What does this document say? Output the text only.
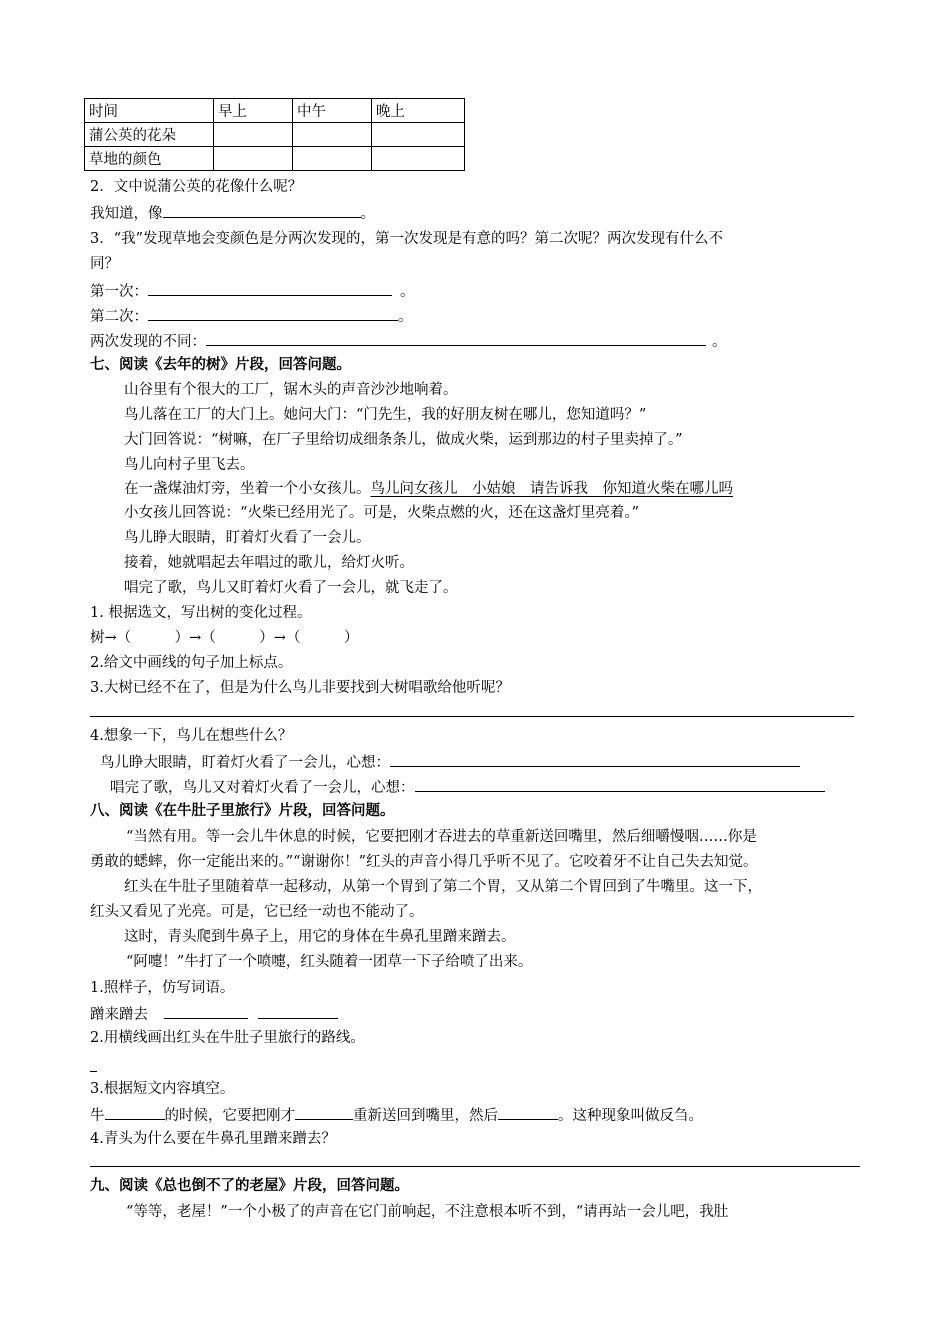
时间	早上	中午	晚上
蒲公英的花朵			
草地的颜色			
2．文中说蒲公英的花像什么呢？
我知道，像	。
3．“我”发现草地会变颜色是分两次发现的，第一次发现是有意的吗？第二次呢？两次发现有什么不
同？
第一次：	。
第二次：	。
两次发现的不同：	。
七、阅读《去年的树》片段，回答问题。
山谷里有个很大的工厂，锯木头的声音沙沙地响着。
鸟儿落在工厂的大门上。她问大门：“门先生，我的好朋友树在哪儿，您知道吗？”
大门回答说：“树嘛，在厂子里给切成细条条儿，做成火柴，运到那边的村子里卖掉了。”
鸟儿向村子里飞去。
在一盏煤油灯旁，坐着一个小女孩儿。鸟儿问女孩儿　小姑娘　请告诉我　你知道火柴在哪儿吗
小女孩儿回答说：“火柴已经用光了。可是，火柴点燃的火，还在这盏灯里亮着。”
鸟儿睁大眼睛，盯着灯火看了一会儿。
接着，她就唱起去年唱过的歌儿，给灯火听。
唱完了歌，鸟儿又盯着灯火看了一会儿，就飞走了。
1. 根据选文，写出树的变化过程。
树→（　　　）→（　　　）→（　　　）
2.给文中画线的句子加上标点。
3.大树已经不在了，但是为什么鸟儿非要找到大树唱歌给他听呢？
4.想象一下，鸟儿在想些什么？
鸟儿睁大眼睛，盯着灯火看了一会儿，心想：
唱完了歌，鸟儿又对着灯火看了一会儿，心想：
八、阅读《在牛肚子里旅行》片段，回答问题。
“当然有用。等一会儿牛休息的时候，它要把刚才吞进去的草重新送回嘴里，然后细嚼慢咽……你是
勇敢的蟋蟀，你一定能出来的。”“谢谢你！”红头的声音小得几乎听不见了。它咬着牙不让自己失去知觉。
红头在牛肚子里随着草一起移动，从第一个胃到了第二个胃，又从第二个胃回到了牛嘴里。这一下，
红头又看见了光亮。可是，它已经一动也不能动了。
这时，青头爬到牛鼻子上，用它的身体在牛鼻孔里蹭来蹭去。
“阿嚏！”牛打了一个喷嚏，红头随着一团草一下子给喷了出来。
1.照样子，仿写词语。
蹭来蹭去
2.用横线画出红头在牛肚子里旅行的路线。
3.根据短文内容填空。
牛	的时候，它要把刚才	重新送回到嘴里，然后	。这种现象叫做反刍。
4.青头为什么要在牛鼻孔里蹭来蹭去？
九、阅读《总也倒不了的老屋》片段，回答问题。
“等等，老屋！”一个小极了的声音在它门前响起，不注意根本听不到，“请再站一会儿吧，我肚
